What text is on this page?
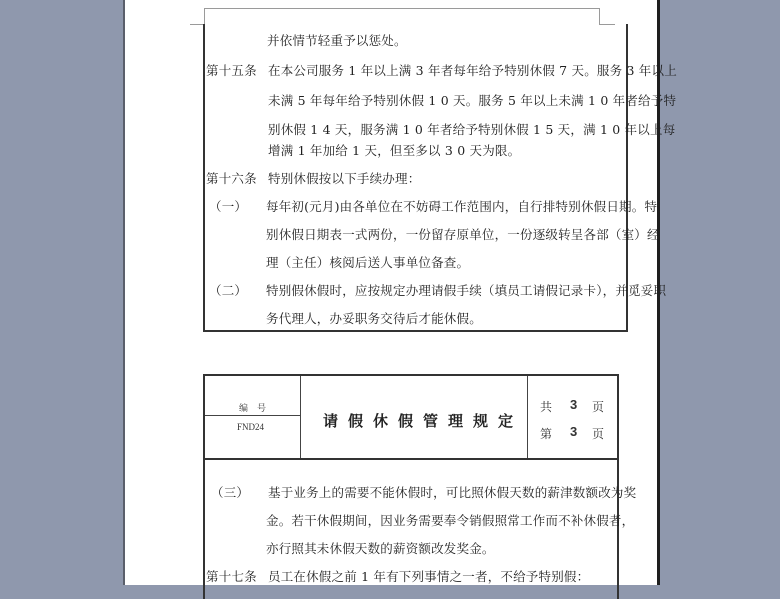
并依情节轻重予以惩处。
第十五条 在本公司服务 1 年以上满 3 年者每年给予特别休假 7 天。服务 3 年以上
未满 5 年每年给予特别休假 1 0 天。服务 5 年以上未满 1 0 年者给予特
别休假 1 4 天，服务满 1 0 年者给予特别休假 1 5 天，满 1 0 年以上每
增满 1 年加给 1 天，但至多以 3 0 天为限。
第十六条 特别休假按以下手续办理：
（一） 每年初(元月)由各单位在不妨碍工作范围内，自行排特别休假日期。特
别休假日期表一式两份，一份留存原单位，一份逐级转呈各部（室）经
理（主任）核阅后送人事单位备查。
（二） 特别假休假时，应按规定办理请假手续（填员工请假记录卡），并觅妥职
务代理人，办妥职务交待后才能休假。
编　号
FND24	请假休假管理规定
共 3 页
第 3 页
（三） 基于业务上的需要不能休假时，可比照休假天数的薪津数额改为奖
金。若干休假期间，因业务需要奉令销假照常工作而不补休假者，
亦行照其未休假天数的薪资额改发奖金。
第十七条 员工在休假之前 1 年有下列事情之一者，不给予特别假：
